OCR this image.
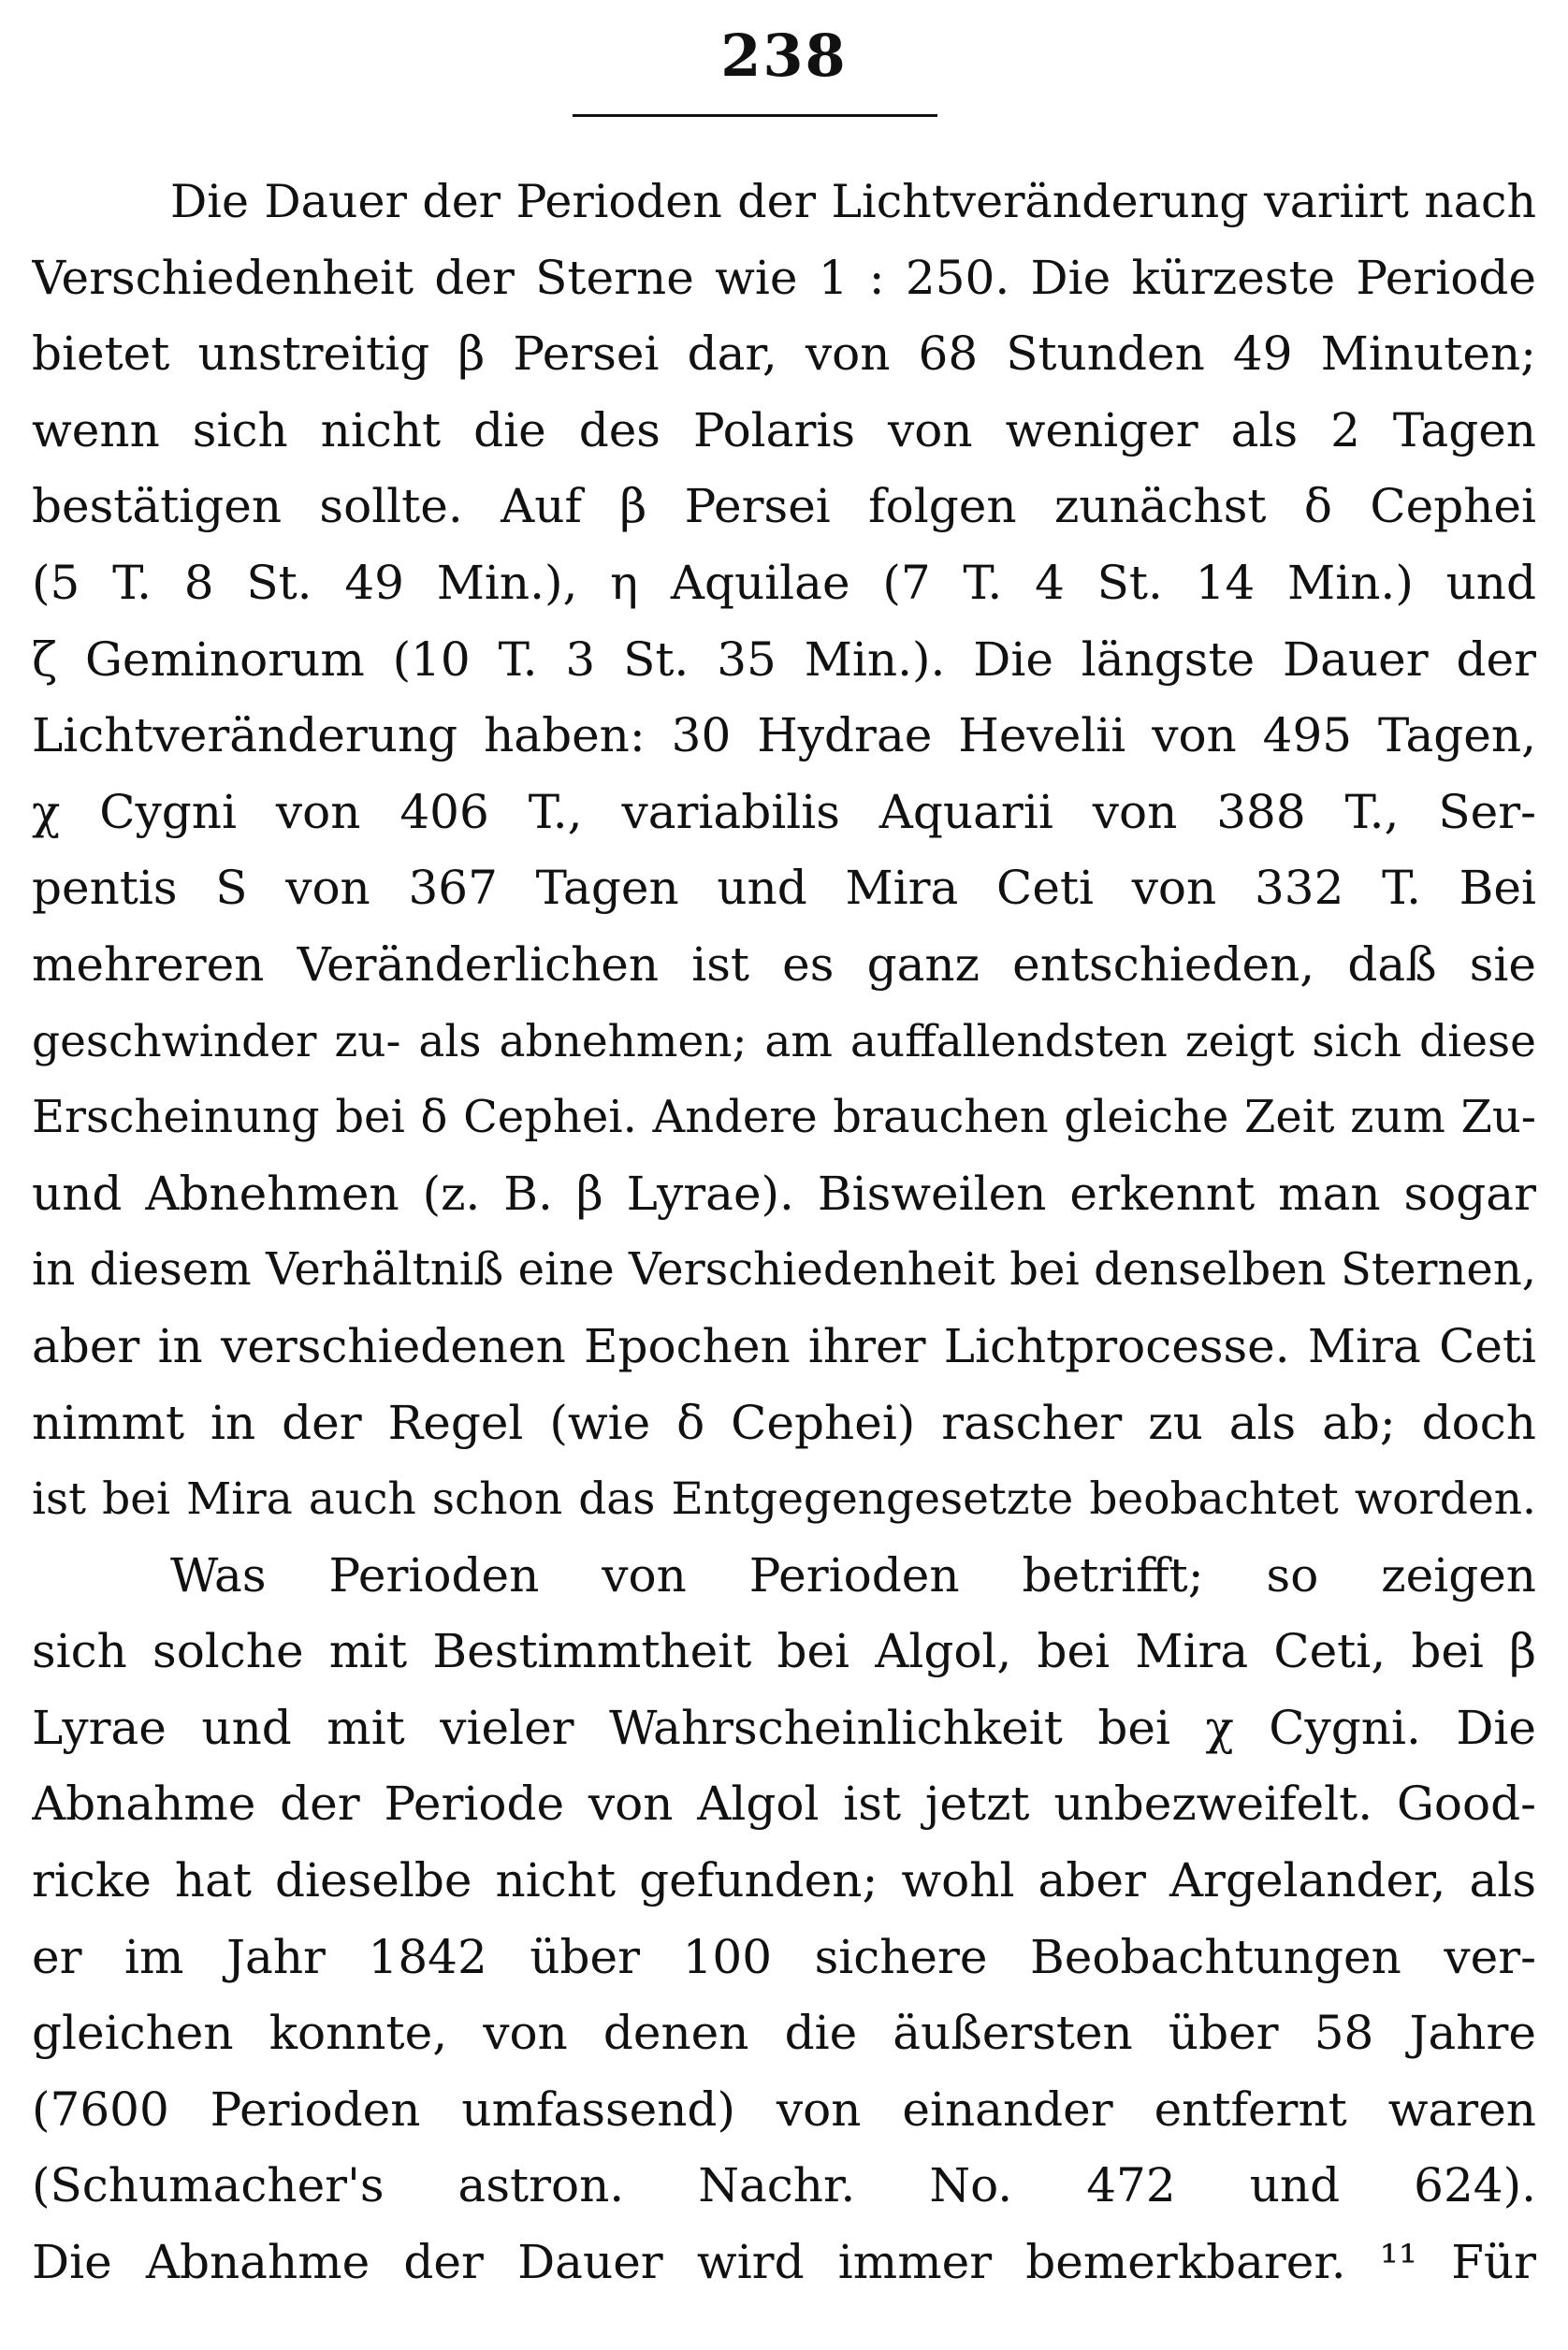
238
Die Dauer der Perioden der Lichtveränderung variirt nach
Verschiedenheit der Sterne wie 1 : 250. Die kürzeste Periode
bietet unstreitig β Persei dar, von 68 Stunden 49 Minuten;
wenn sich nicht die des Polaris von weniger als 2 Tagen
bestätigen sollte. Auf β Persei folgen zunächst δ Cephei
(5 T. 8 St. 49 Min.), η Aquilae (7 T. 4 St. 14 Min.) und
ζ Geminorum (10 T. 3 St. 35 Min.). Die längste Dauer der
Lichtveränderung haben: 30 Hydrae Hevelii von 495 Tagen,
χ Cygni von 406 T., variabilis Aquarii von 388 T., Ser-
pentis S von 367 Tagen und Mira Ceti von 332 T. Bei
mehreren Veränderlichen ist es ganz entschieden, daß sie
geschwinder zu- als abnehmen; am auffallendsten zeigt sich diese
Erscheinung bei δ Cephei. Andere brauchen gleiche Zeit zum Zu-
und Abnehmen (z. B. β Lyrae). Bisweilen erkennt man sogar
in diesem Verhältniß eine Verschiedenheit bei denselben Sternen,
aber in verschiedenen Epochen ihrer Lichtprocesse. Mira Ceti
nimmt in der Regel (wie δ Cephei) rascher zu als ab; doch
ist bei Mira auch schon das Entgegengesetzte beobachtet worden.
Was Perioden von Perioden betrifft; so zeigen
sich solche mit Bestimmtheit bei Algol, bei Mira Ceti, bei β
Lyrae und mit vieler Wahrscheinlichkeit bei χ Cygni. Die
Abnahme der Periode von Algol ist jetzt unbezweifelt. Good-
ricke hat dieselbe nicht gefunden; wohl aber Argelander, als
er im Jahr 1842 über 100 sichere Beobachtungen ver-
gleichen konnte, von denen die äußersten über 58 Jahre
(7600 Perioden umfassend) von einander entfernt waren
(Schumacher's astron. Nachr. No. 472 und 624).
Die Abnahme der Dauer wird immer bemerkbarer. ¹¹ Für
